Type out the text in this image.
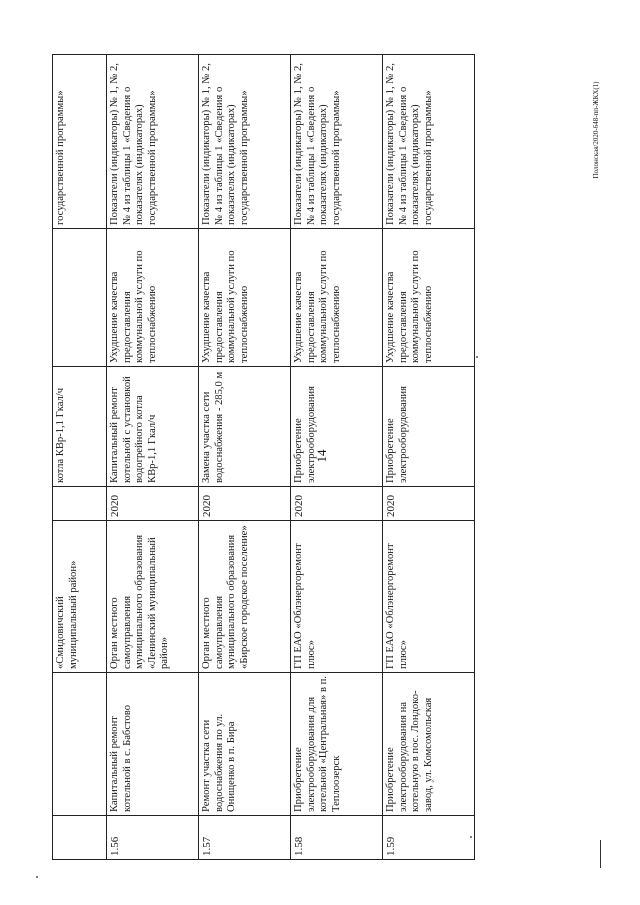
14
Полонская/2020-648-пп-ЖКХ(1)
		«Смидовичский муниципальный район»		котла КВр-1,1 Гкал/ч		государственной программы»
1.56	Капитальный ремонт котельной в с. Бабстово	Орган местного самоуправления муниципального образования «Ленинский муниципальный район»	2020	Капитальный ремонт котельной с установкой водогрейного котла КВр-1,1 Гкал/ч	Ухудшение качества предоставления коммунальной услуги по теплоснабжению	Показатели (индикаторы) № 1, № 2, № 4 из таблицы 1 «Сведения о показателях (индикаторах) государственной программы»
1.57	Ремонт участка сети водоснабжения по ул. Онищенко в п. Бира	Орган местного самоуправления муниципального образования «Бирское городское поселение»	2020	Замена участка сети водоснабжения - 285,0 м	Ухудшение качества предоставления коммунальной услуги по теплоснабжению	Показатели (индикаторы) № 1, № 2, № 4 из таблицы 1 «Сведения о показателях (индикаторах) государственной программы»
1.58	Приобретение электрооборудования для котельной «Центральная» в п. Теплоозерск	ГП ЕАО «Облэнергоремонт плюс»	2020	Приобретение электрооборудования	Ухудшение качества предоставления коммунальной услуги по теплоснабжению	Показатели (индикаторы) № 1, № 2, № 4 из таблицы 1 «Сведения о показателях (индикаторах) государственной программы»
1.59	Приобретение электрооборудования на котельную в пос. Лондоко-завод, ул. Комсомольская	ГП ЕАО «Облэнергоремонт плюс»	2020	Приобретение электрооборудования	Ухудшение качества предоставления коммунальной услуги по теплоснабжению	Показатели (индикаторы) № 1, № 2, № 4 из таблицы 1 «Сведения о показателях (индикаторах) государственной программы»
